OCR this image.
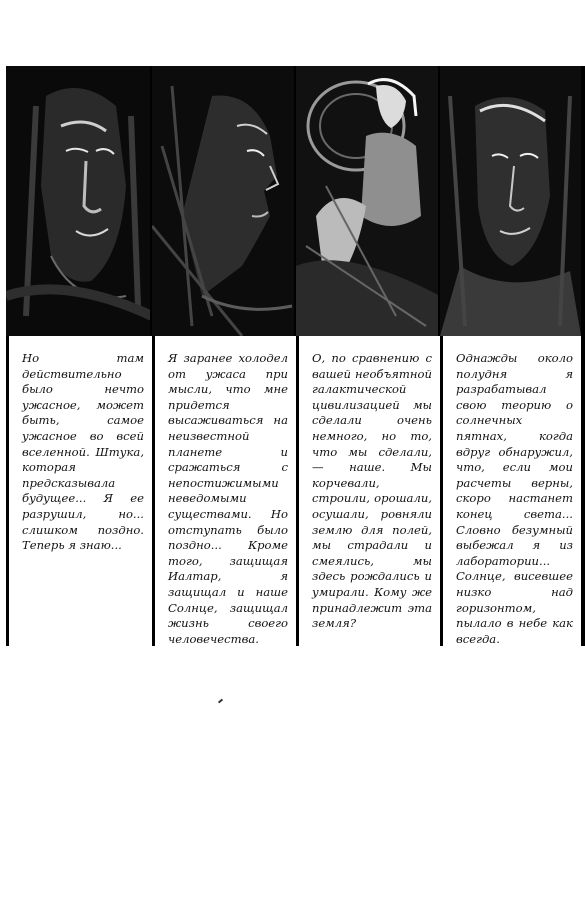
Но там действительно было нечто ужасное, может быть, самое ужасное во всей вселенной. Штука, которая предсказывала будущее... Я ее разрушил, но... слишком поздно. Теперь я знаю...
Я заранее холодел от ужаса при мысли, что мне придется высаживаться на неизвестной планете и сражаться с непостижимыми неведомыми существами. Но отступать было поздно... Кроме того, защищая Иалтар, я защищал и наше Солнце, защищал жизнь своего человечества.
О, по сравнению с вашей необъятной галактической цивилизацией мы сделали очень немного, но то, что мы сделали, — наше. Мы корчевали, строили, орошали, осушали, ровняли землю для полей, мы страдали и смеялись, мы здесь рождались и умирали. Кому же принадлежит эта земля?
Однажды около полудня я разрабатывал свою теорию о солнечных пятнах, когда вдруг обнаружил, что, если мои расчеты верны, скоро настанет конец света... Словно безумный выбежал я из лаборатории... Солнце, висевшее низко над горизонтом, пылало в небе как всегда.
